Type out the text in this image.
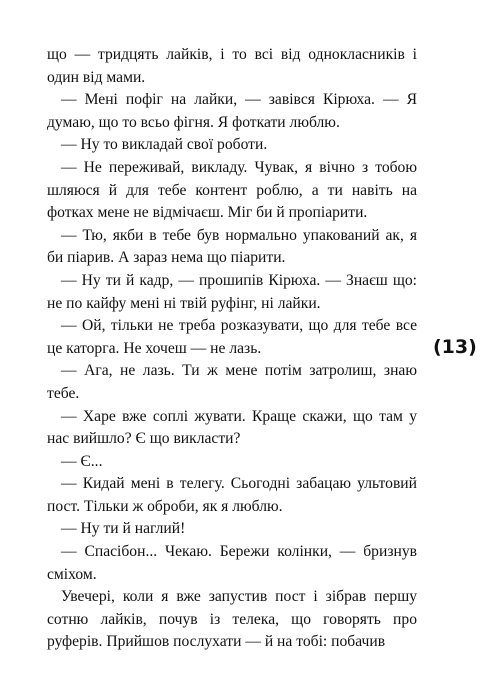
що — тридцять лайків, і то всі від однокласників і один від мами.

— Мені пофіг на лайки, — завівся Кірюха. — Я думаю, що то всьо фігня. Я фоткати люблю.

— Ну то викладай свої роботи.

— Не переживай, викладу. Чувак, я вічно з тобою шляюся й для тебе контент роблю, а ти навіть на фотках мене не відмічаєш. Міг би й пропіарити.

— Тю, якби в тебе був нормально упакований ак, я би піарив. А зараз нема що піарити.

— Ну ти й кадр, — прошипів Кірюха. — Знаєш що: не по кайфу мені ні твій руфінг, ні лайки.

— Ой, тільки не треба розказувати, що для тебе все це каторга. Не хочеш — не лазь.

— Ага, не лазь. Ти ж мене потім затролиш, знаю тебе.

— Харе вже соплі жувати. Краще скажи, що там у нас вийшло? Є що викласти?

— Є...

— Кидай мені в телегу. Сьогодні забацаю ультовий пост. Тільки ж оброби, як я люблю.

— Ну ти й наглий!

— Спасібон... Чекаю. Бережи колінки, — бризнув сміхом.

Увечері, коли я вже запустив пост і зібрав першу сотню лайків, почув із телека, що говорять про руферів. Прийшов послухати — й на тобі: побачив

(13)
